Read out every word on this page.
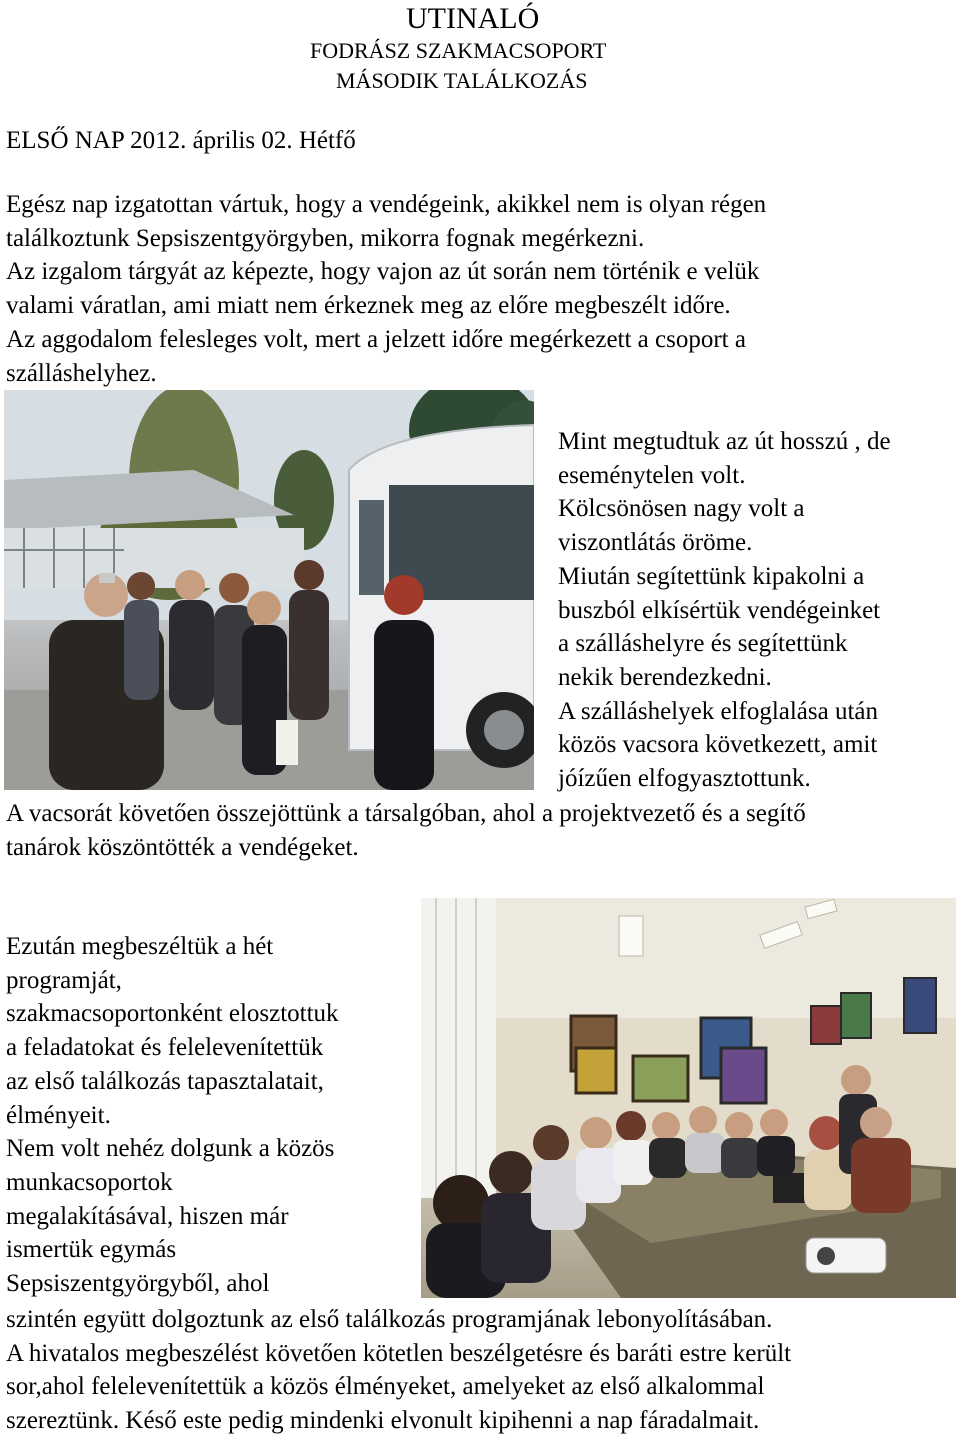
UTINALÓ
FODRÁSZ SZAKMACSOPORT
MÁSODIK TALÁLKOZÁS
ELSŐ NAP 2012. április 02. Hétfő
Egész nap izgatottan vártuk, hogy a vendégeink, akikkel nem is olyan régen
találkoztunk Sepsiszentgyörgyben, mikorra fognak megérkezni.
Az izgalom tárgyát az képezte, hogy vajon az út során nem történik e velük
valami váratlan, ami miatt nem érkeznek meg az előre megbeszélt időre.
Az aggodalom felesleges volt, mert a jelzett időre megérkezett a csoport a
szálláshelyhez.
Mint megtudtuk az út hosszú , de
eseménytelen volt.
Kölcsönösen nagy volt a
viszontlátás öröme.
Miután segítettünk kipakolni a
buszból elkísértük vendégeinket
a szálláshelyre és segítettünk
nekik berendezkedni.
A szálláshelyek elfoglalása után
közös vacsora következett, amit
jóízűen elfogyasztottunk.
A vacsorát követően összejöttünk a társalgóban, ahol a projektvezető és a segítő
tanárok köszöntötték a vendégeket.
Ezután megbeszéltük a hét
programját,
szakmacsoportonként elosztottuk
a feladatokat és felelevenítettük
az első találkozás tapasztalatait,
élményeit.
Nem volt nehéz dolgunk a közös
munkacsoportok
megalakításával, hiszen már
ismertük egymás
Sepsiszentgyörgyből, ahol
szintén együtt dolgoztunk az első találkozás programjának lebonyolításában.
A hivatalos megbeszélést követően kötetlen beszélgetésre és baráti estre került
sor,ahol felelevenítettük a közös élményeket, amelyeket az első alkalommal
szereztünk. Késő este pedig mindenki elvonult kipihenni a nap fáradalmait.
